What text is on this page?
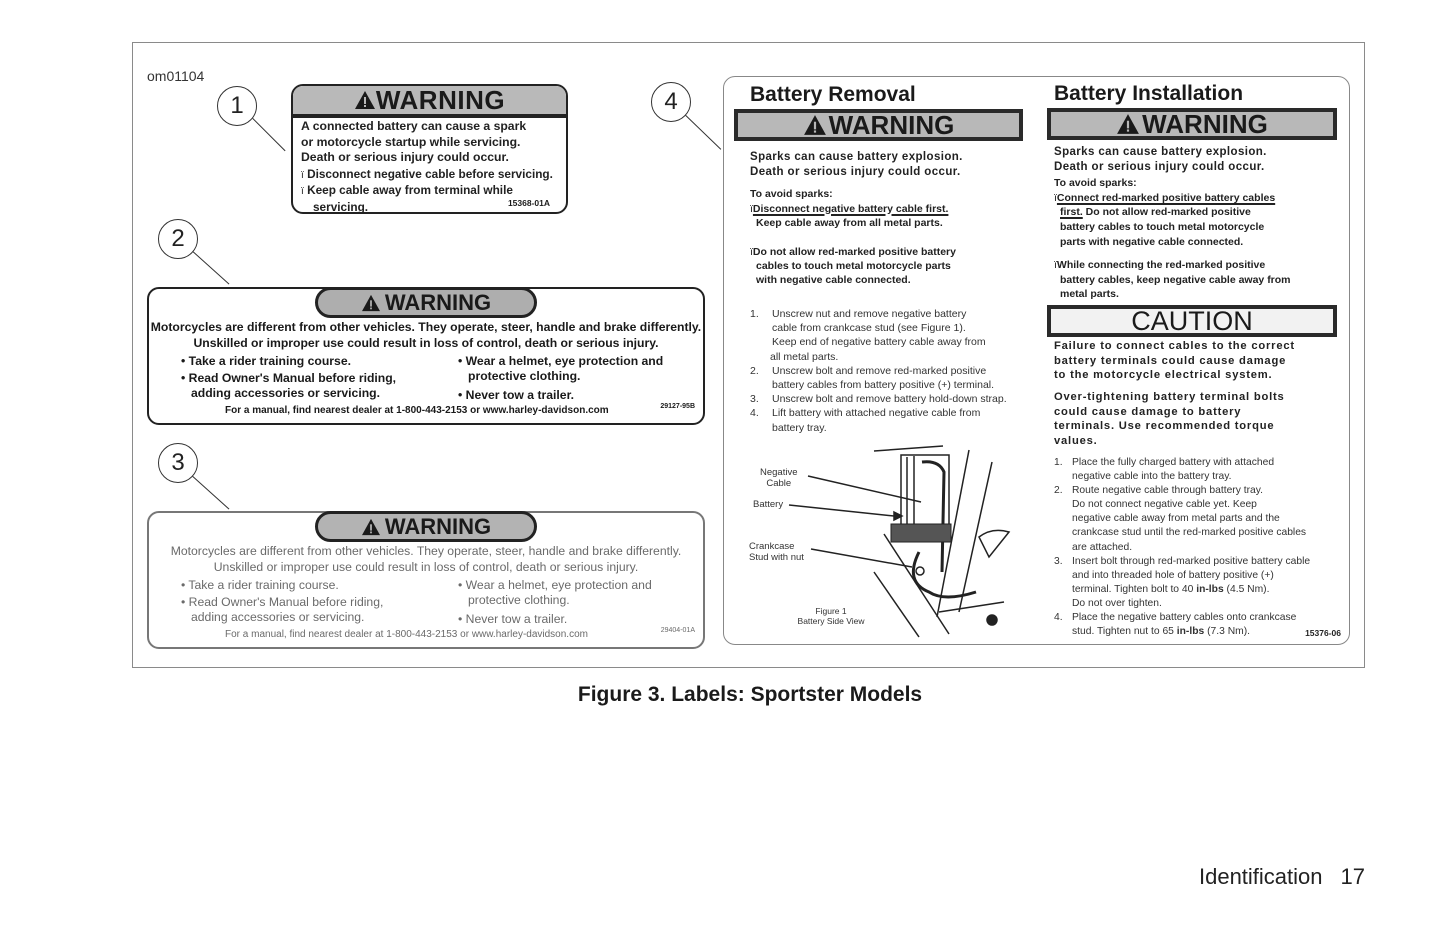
om01104
1
2
3
4
WARNING
A connected battery can cause a spark
or motorcycle startup while servicing.
Death or serious injury could occur.
ï Disconnect negative cable before servicing.
ï Keep cable away from terminal while
servicing.	15368-01A
WARNING
Motorcycles are different from other vehicles. They operate, steer, handle and brake differently.
Unskilled or improper use could result in loss of control, death or serious injury.
• Take a rider training course.
• Read Owner's Manual before riding,
adding accessories or servicing.
• Wear a helmet, eye protection and
protective clothing.
• Never tow a trailer.
For a manual, find nearest dealer at 1-800-443-2153 or www.harley-davidson.com	29127-95B
WARNING
Motorcycles are different from other vehicles. They operate, steer, handle and brake differently.
Unskilled or improper use could result in loss of control, death or serious injury.
• Take a rider training course.
• Read Owner's Manual before riding,
adding accessories or servicing.
• Wear a helmet, eye protection and
protective clothing.
• Never tow a trailer.
For a manual, find nearest dealer at 1-800-443-2153 or www.harley-davidson.com	29404-01A
Battery Removal
WARNING
Sparks can cause battery explosion.
Death or serious injury could occur.
To avoid sparks:
ïDisconnect negative battery cable first.
Keep cable away from all metal parts.
ïDo not allow red-marked positive battery
cables to touch metal motorcycle parts
with negative cable connected.
1.	Unscrew nut and remove negative battery
cable from crankcase stud (see Figure 1).
Keep end of negative battery cable away from
all metal parts.
2.	Unscrew bolt and remove red-marked positive
battery cables from battery positive (+) terminal.
3.	Unscrew bolt and remove battery hold-down strap.
4.	Lift battery with attached negative cable from
battery tray.
Negative
Cable
Battery
Crankcase
Stud with nut
Figure 1
Battery Side View
Battery Installation
WARNING
Sparks can cause battery explosion.
Death or serious injury could occur.
To avoid sparks:
ïConnect red-marked positive battery cables
first. Do not allow red-marked positive
battery cables to touch metal motorcycle
parts with negative cable connected.
ïWhile connecting the red-marked positive
battery cables, keep negative cable away from
metal parts.
CAUTION
Failure to connect cables to the correct
battery terminals could cause damage
to the motorcycle electrical system.
Over-tightening battery terminal bolts
could cause damage to battery
terminals. Use recommended torque
values.
1. Place the fully charged battery with attached
negative cable into the battery tray.
2. Route negative cable through battery tray.
Do not connect negative cable yet. Keep
negative cable away from metal parts and the
crankcase stud until the red-marked positive cables
are attached.
3. Insert bolt through red-marked positive battery cable
and into threaded hole of battery positive (+)
terminal. Tighten bolt to 40 in-lbs (4.5 Nm).
Do not over tighten.
4. Place the negative battery cables onto crankcase
stud. Tighten nut to 65 in-lbs (7.3 Nm).	15376-06
Figure 3. Labels: Sportster Models
Identification 17
